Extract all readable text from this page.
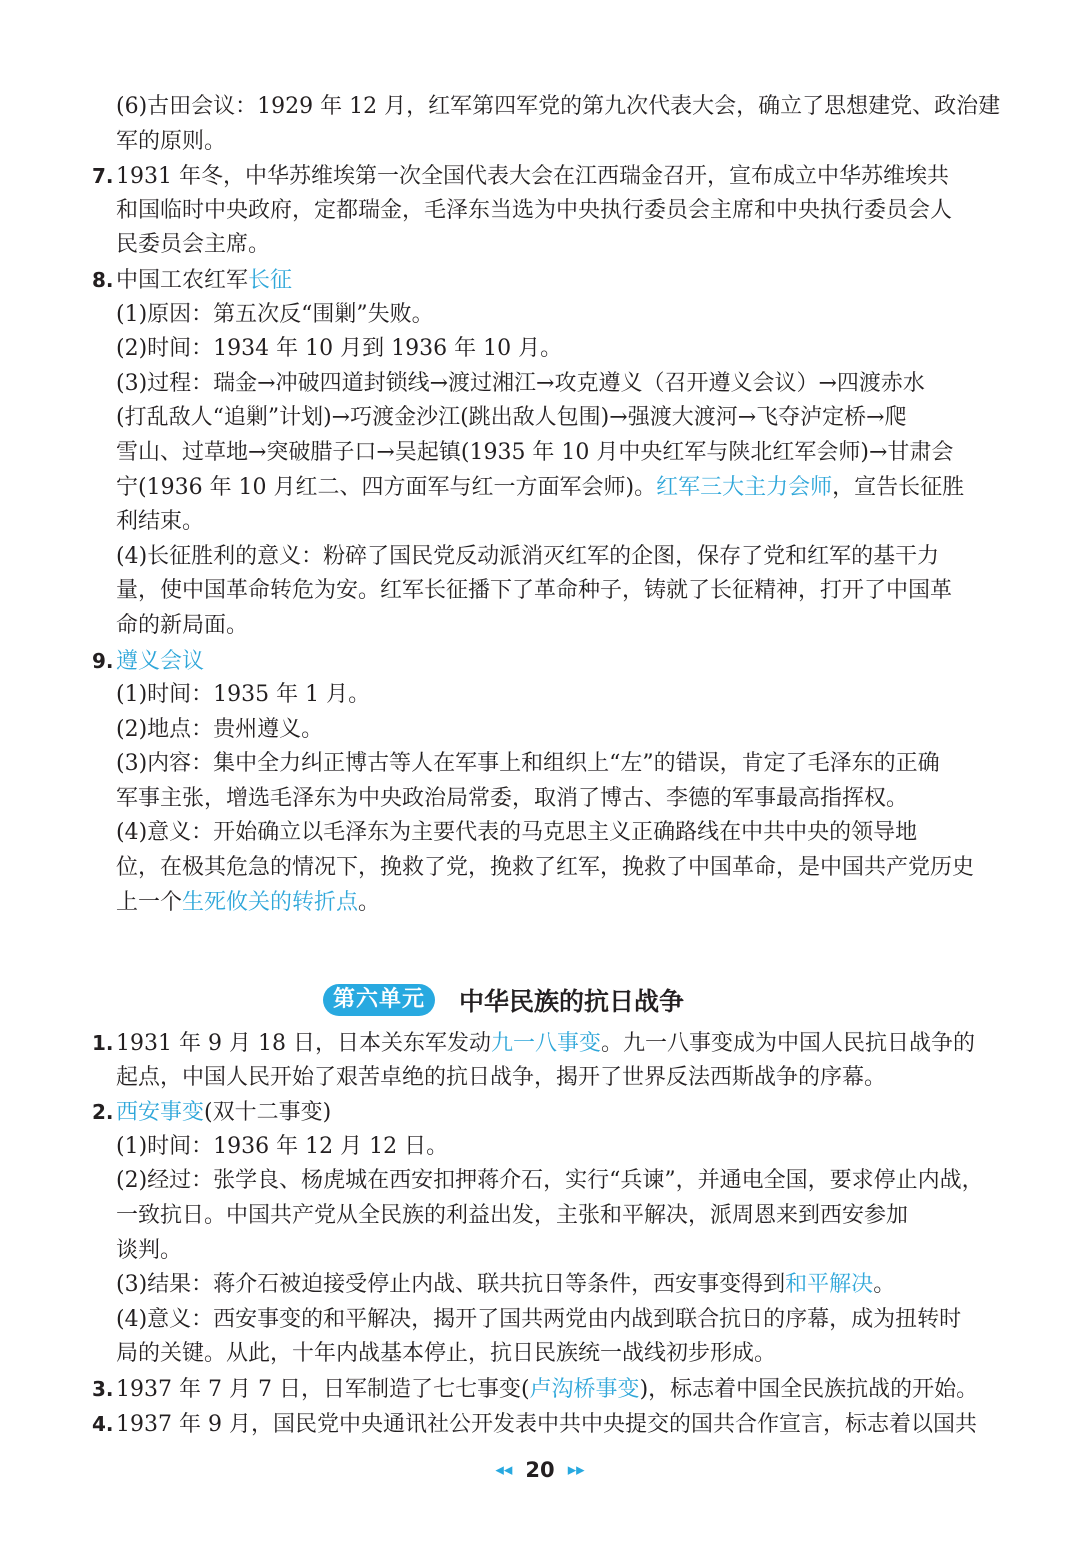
(6)古田会议：1929 年 12 月，红军第四军党的第九次代表大会，确立了思想建党、政治建
军的原则。
7. 1931 年冬，中华苏维埃第一次全国代表大会在江西瑞金召开，宣布成立中华苏维埃共
和国临时中央政府，定都瑞金，毛泽东当选为中央执行委员会主席和中央执行委员会人
民委员会主席。
8. 中国工农红军长征
(1)原因：第五次反“围剿”失败。
(2)时间：1934 年 10 月到 1936 年 10 月。
(3)过程：瑞金→冲破四道封锁线→渡过湘江→攻克遵义（召开遵义会议）→四渡赤水
(打乱敌人“追剿”计划)→巧渡金沙江(跳出敌人包围)→强渡大渡河→飞夺泸定桥→爬
雪山、过草地→突破腊子口→吴起镇(1935 年 10 月中央红军与陕北红军会师)→甘肃会
宁(1936 年 10 月红二、四方面军与红一方面军会师)。红军三大主力会师，宣告长征胜
利结束。
(4)长征胜利的意义：粉碎了国民党反动派消灭红军的企图，保存了党和红军的基干力
量，使中国革命转危为安。红军长征播下了革命种子，铸就了长征精神，打开了中国革
命的新局面。
9. 遵义会议
(1)时间：1935 年 1 月。
(2)地点：贵州遵义。
(3)内容：集中全力纠正博古等人在军事上和组织上“左”的错误，肯定了毛泽东的正确
军事主张，增选毛泽东为中央政治局常委，取消了博古、李德的军事最高指挥权。
(4)意义：开始确立以毛泽东为主要代表的马克思主义正确路线在中共中央的领导地
位，在极其危急的情况下，挽救了党，挽救了红军，挽救了中国革命，是中国共产党历史
上一个生死攸关的转折点。
第六单元	中华民族的抗日战争
1. 1931 年 9 月 18 日，日本关东军发动九一八事变。九一八事变成为中国人民抗日战争的
起点，中国人民开始了艰苦卓绝的抗日战争，揭开了世界反法西斯战争的序幕。
2. 西安事变(双十二事变)
(1)时间：1936 年 12 月 12 日。
(2)经过：张学良、杨虎城在西安扣押蒋介石，实行“兵谏”，并通电全国，要求停止内战，
一致抗日。中国共产党从全民族的利益出发，主张和平解决，派周恩来到西安参加
谈判。
(3)结果：蒋介石被迫接受停止内战、联共抗日等条件，西安事变得到和平解决。
(4)意义：西安事变的和平解决，揭开了国共两党由内战到联合抗日的序幕，成为扭转时
局的关键。从此，十年内战基本停止，抗日民族统一战线初步形成。
3. 1937 年 7 月 7 日，日军制造了七七事变(卢沟桥事变)，标志着中国全民族抗战的开始。
4. 1937 年 9 月，国民党中央通讯社公开发表中共中央提交的国共合作宣言，标志着以国共
◀◀ 20 ▶▶
